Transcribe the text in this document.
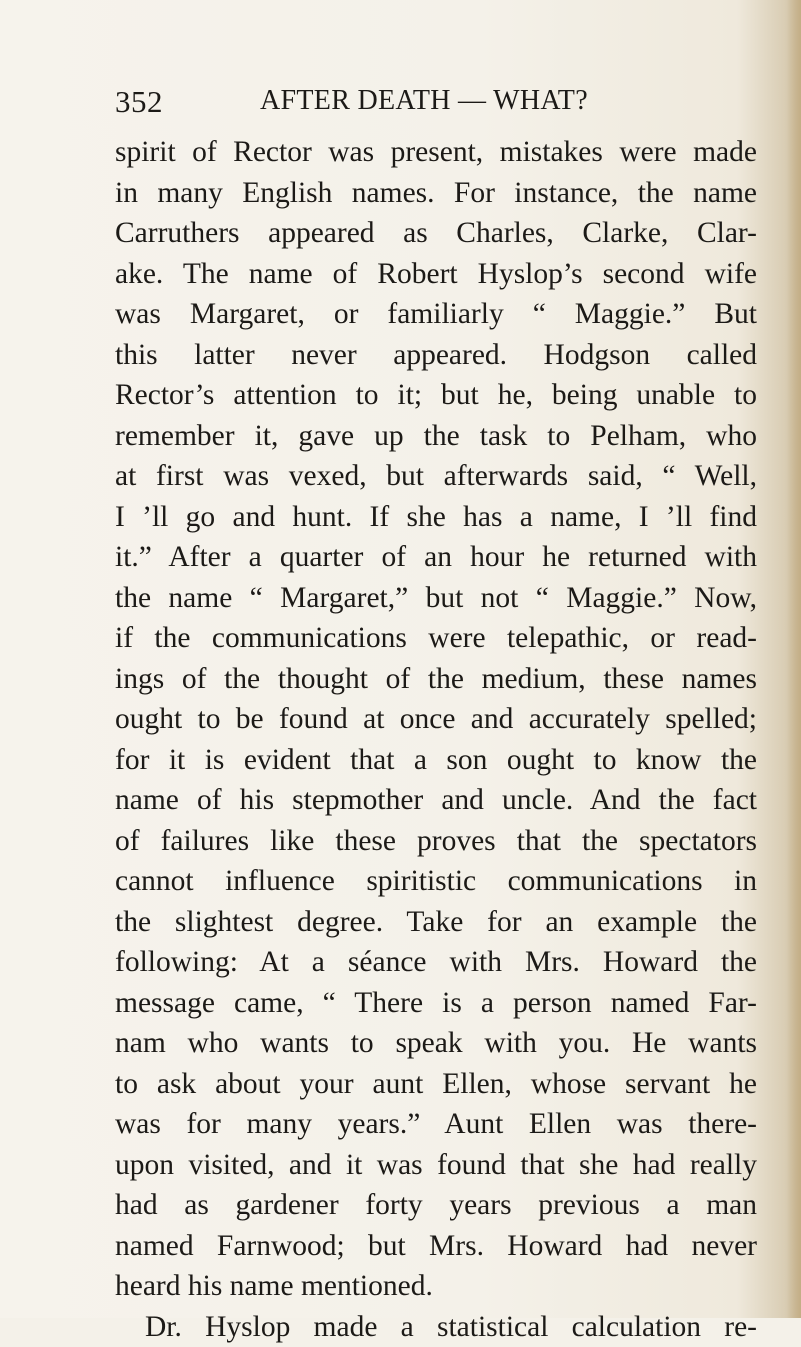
352	AFTER DEATH — WHAT?
spirit of Rector was present, mistakes were made
in many English names. For instance, the name
Carruthers appeared as Charles, Clarke, Clar-
ake. The name of Robert Hyslop’s second wife
was Margaret, or familiarly “ Maggie.” But
this latter never appeared. Hodgson called
Rector’s attention to it; but he, being unable to
remember it, gave up the task to Pelham, who
at first was vexed, but afterwards said, “ Well,
I ’ll go and hunt. If she has a name, I ’ll find
it.” After a quarter of an hour he returned with
the name “ Margaret,” but not “ Maggie.” Now,
if the communications were telepathic, or read-
ings of the thought of the medium, these names
ought to be found at once and accurately spelled;
for it is evident that a son ought to know the
name of his stepmother and uncle. And the fact
of failures like these proves that the spectators
cannot influence spiritistic communications in
the slightest degree. Take for an example the
following: At a séance with Mrs. Howard the
message came, “ There is a person named Far-
nam who wants to speak with you. He wants
to ask about your aunt Ellen, whose servant he
was for many years.” Aunt Ellen was there-
upon visited, and it was found that she had really
had as gardener forty years previous a man
named Farnwood; but Mrs. Howard had never
heard his name mentioned.
Dr. Hyslop made a statistical calculation re-
